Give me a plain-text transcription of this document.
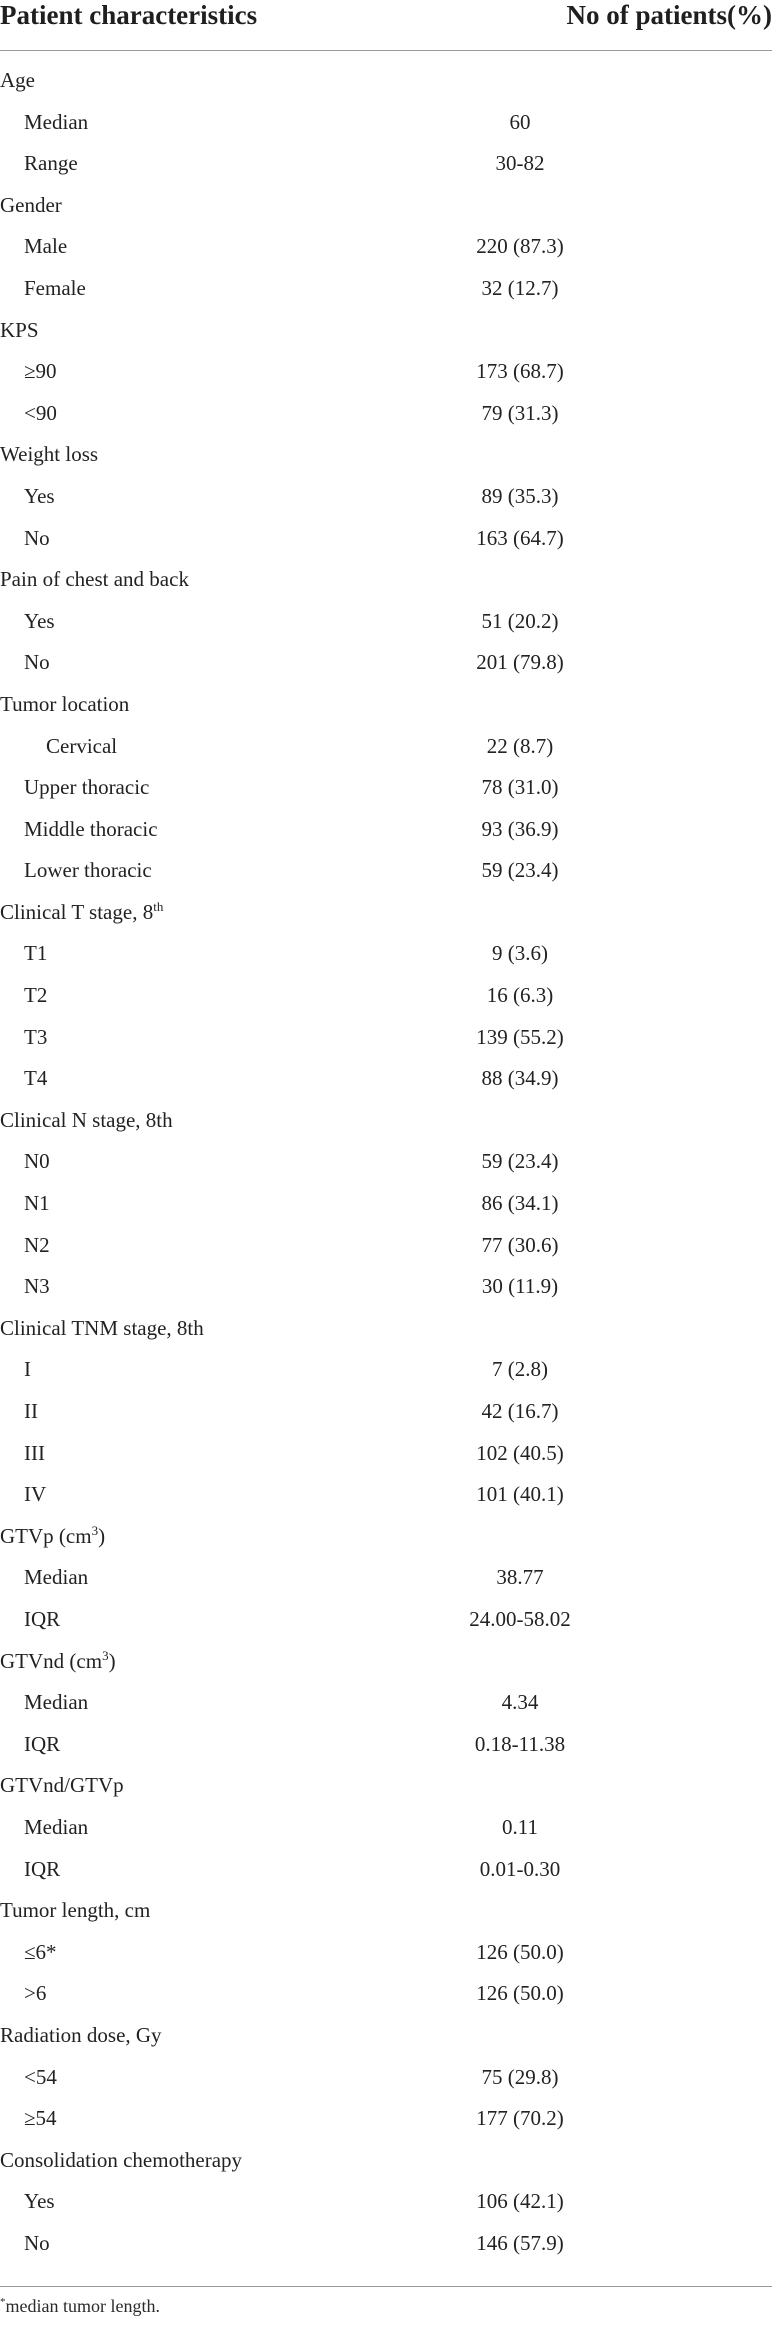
Patient characteristics	No of patients(%)
Age
Median	60
Range	30-82
Gender
Male	220 (87.3)
Female	32 (12.7)
KPS
≥90	173 (68.7)
<90	79 (31.3)
Weight loss
Yes	89 (35.3)
No	163 (64.7)
Pain of chest and back
Yes	51 (20.2)
No	201 (79.8)
Tumor location
Cervical	22 (8.7)
Upper thoracic	78 (31.0)
Middle thoracic	93 (36.9)
Lower thoracic	59 (23.4)
Clinical T stage, 8th
T1	9 (3.6)
T2	16 (6.3)
T3	139 (55.2)
T4	88 (34.9)
Clinical N stage, 8th
N0	59 (23.4)
N1	86 (34.1)
N2	77 (30.6)
N3	30 (11.9)
Clinical TNM stage, 8th
I	7 (2.8)
II	42 (16.7)
III	102 (40.5)
IV	101 (40.1)
GTVp $(cm^3)$
Median	38.77
IQR	24.00-58.02
GTVnd $(cm^3)$
Median	4.34
IQR	0.18-11.38
GTVnd/GTVp
Median	0.11
IQR	0.01-0.30
Tumor length, cm
≤6*	126 (50.0)
>6	126 (50.0)
Radiation dose, Gy
<54	75 (29.8)
≥54	177 (70.2)
Consolidation chemotherapy
Yes	106 (42.1)
No	146 (57.9)
*median tumor length.
